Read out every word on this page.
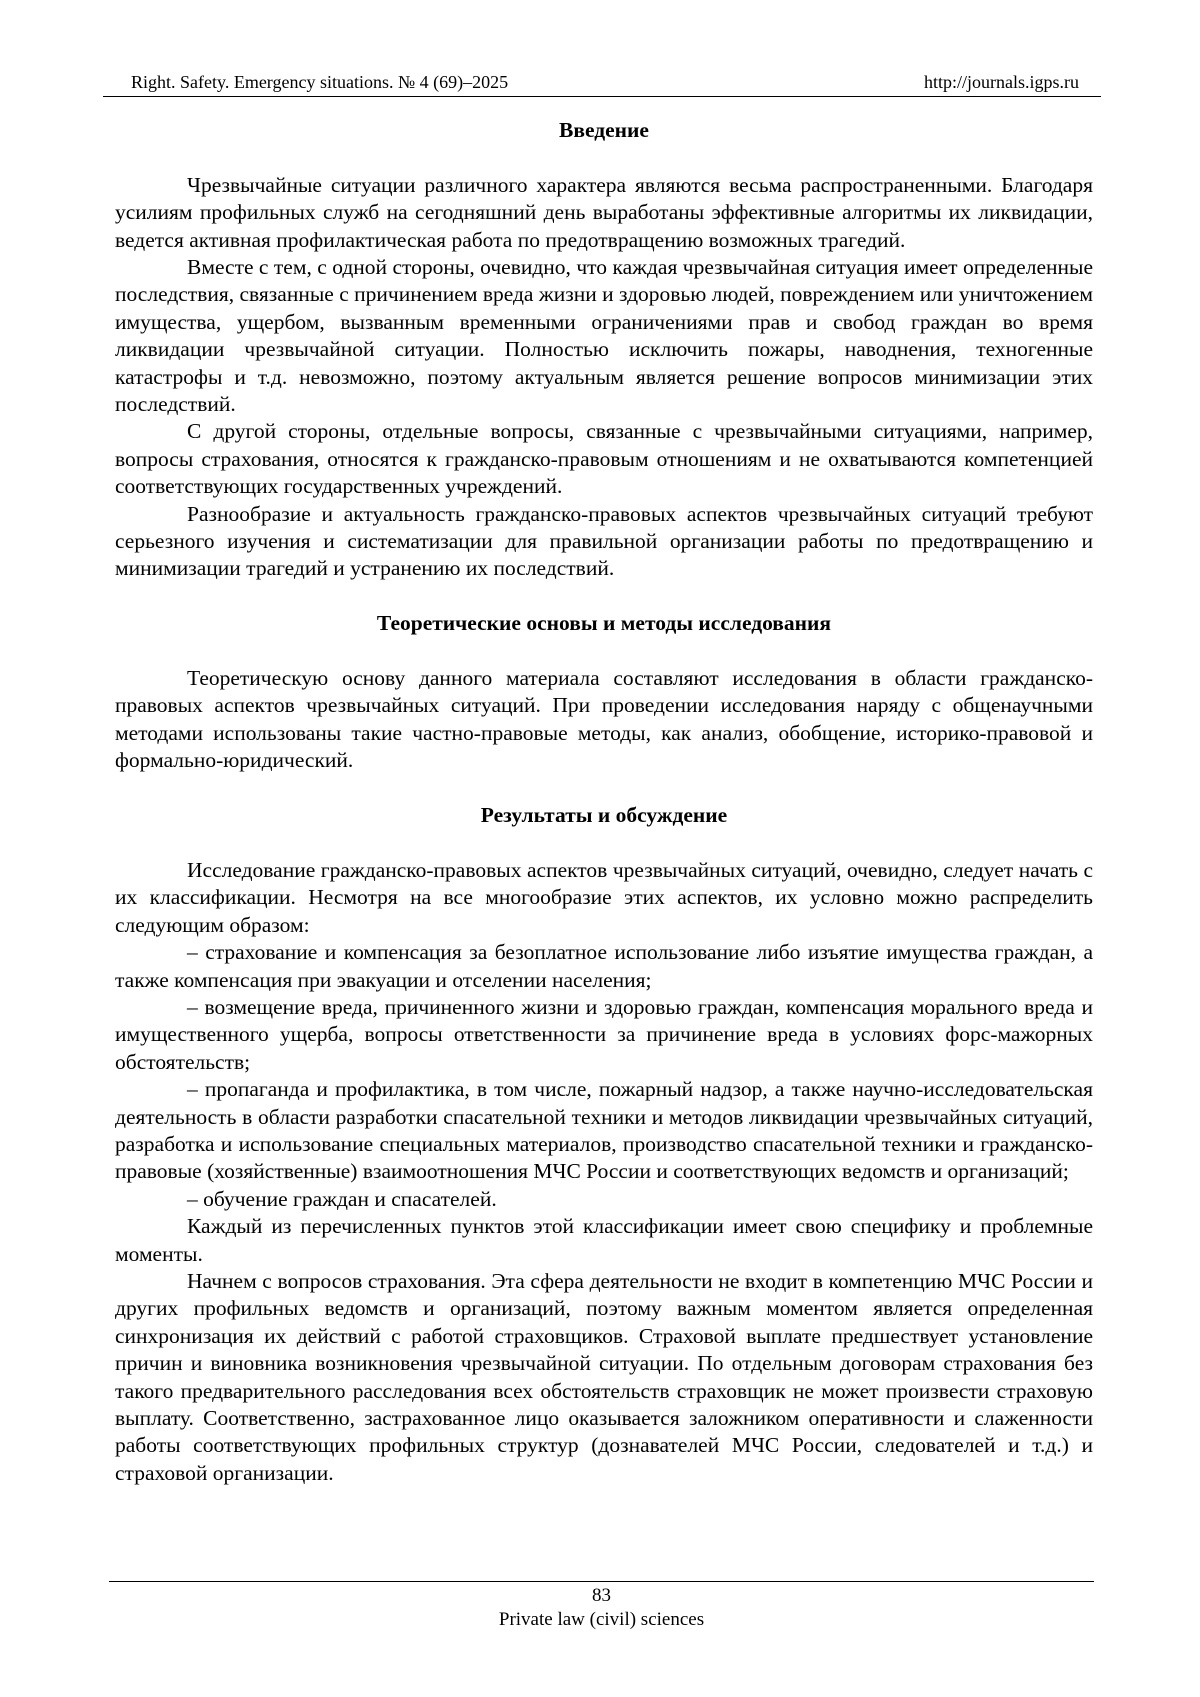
Right. Safety. Emergency situations. № 4 (69)–2025	http://journals.igps.ru
Введение

Чрезвычайные ситуации различного характера являются весьма распространенными. Благодаря усилиям профильных служб на сегодняшний день выработаны эффективные алгоритмы их ликвидации, ведется активная профилактическая работа по предотвращению возможных трагедий.

Вместе с тем, с одной стороны, очевидно, что каждая чрезвычайная ситуация имеет определенные последствия, связанные с причинением вреда жизни и здоровью людей, повреждением или уничтожением имущества, ущербом, вызванным временными ограничениями прав и свобод граждан во время ликвидации чрезвычайной ситуации. Полностью исключить пожары, наводнения, техногенные катастрофы и т.д. невозможно, поэтому актуальным является решение вопросов минимизации этих последствий.

С другой стороны, отдельные вопросы, связанные с чрезвычайными ситуациями, например, вопросы страхования, относятся к гражданско-правовым отношениям и не охватываются компетенцией соответствующих государственных учреждений.

Разнообразие и актуальность гражданско-правовых аспектов чрезвычайных ситуаций требуют серьезного изучения и систематизации для правильной организации работы по предотвращению и минимизации трагедий и устранению их последствий.

Теоретические основы и методы исследования

Теоретическую основу данного материала составляют исследования в области гражданско-правовых аспектов чрезвычайных ситуаций. При проведении исследования наряду с общенаучными методами использованы такие частно-правовые методы, как анализ, обобщение, историко-правовой и формально-юридический.

Результаты и обсуждение

Исследование гражданско-правовых аспектов чрезвычайных ситуаций, очевидно, следует начать с их классификации. Несмотря на все многообразие этих аспектов, их условно можно распределить следующим образом:

– страхование и компенсация за безоплатное использование либо изъятие имущества граждан, а также компенсация при эвакуации и отселении населения;

– возмещение вреда, причиненного жизни и здоровью граждан, компенсация морального вреда и имущественного ущерба, вопросы ответственности за причинение вреда в условиях форс-мажорных обстоятельств;

– пропаганда и профилактика, в том числе, пожарный надзор, а также научно-исследовательская деятельность в области разработки спасательной техники и методов ликвидации чрезвычайных ситуаций, разработка и использование специальных материалов, производство спасательной техники и гражданско-правовые (хозяйственные) взаимоотношения МЧС России и соответствующих ведомств и организаций;

– обучение граждан и спасателей.

Каждый из перечисленных пунктов этой классификации имеет свою специфику и проблемные моменты.

Начнем с вопросов страхования. Эта сфера деятельности не входит в компетенцию МЧС России и других профильных ведомств и организаций, поэтому важным моментом является определенная синхронизация их действий с работой страховщиков. Страховой выплате предшествует установление причин и виновника возникновения чрезвычайной ситуации. По отдельным договорам страхования без такого предварительного расследования всех обстоятельств страховщик не может произвести страховую выплату. Соответственно, застрахованное лицо оказывается заложником оперативности и слаженности работы соответствующих профильных структур (дознавателей МЧС России, следователей и т.д.) и страховой организации.

83
Private law (civil) sciences
